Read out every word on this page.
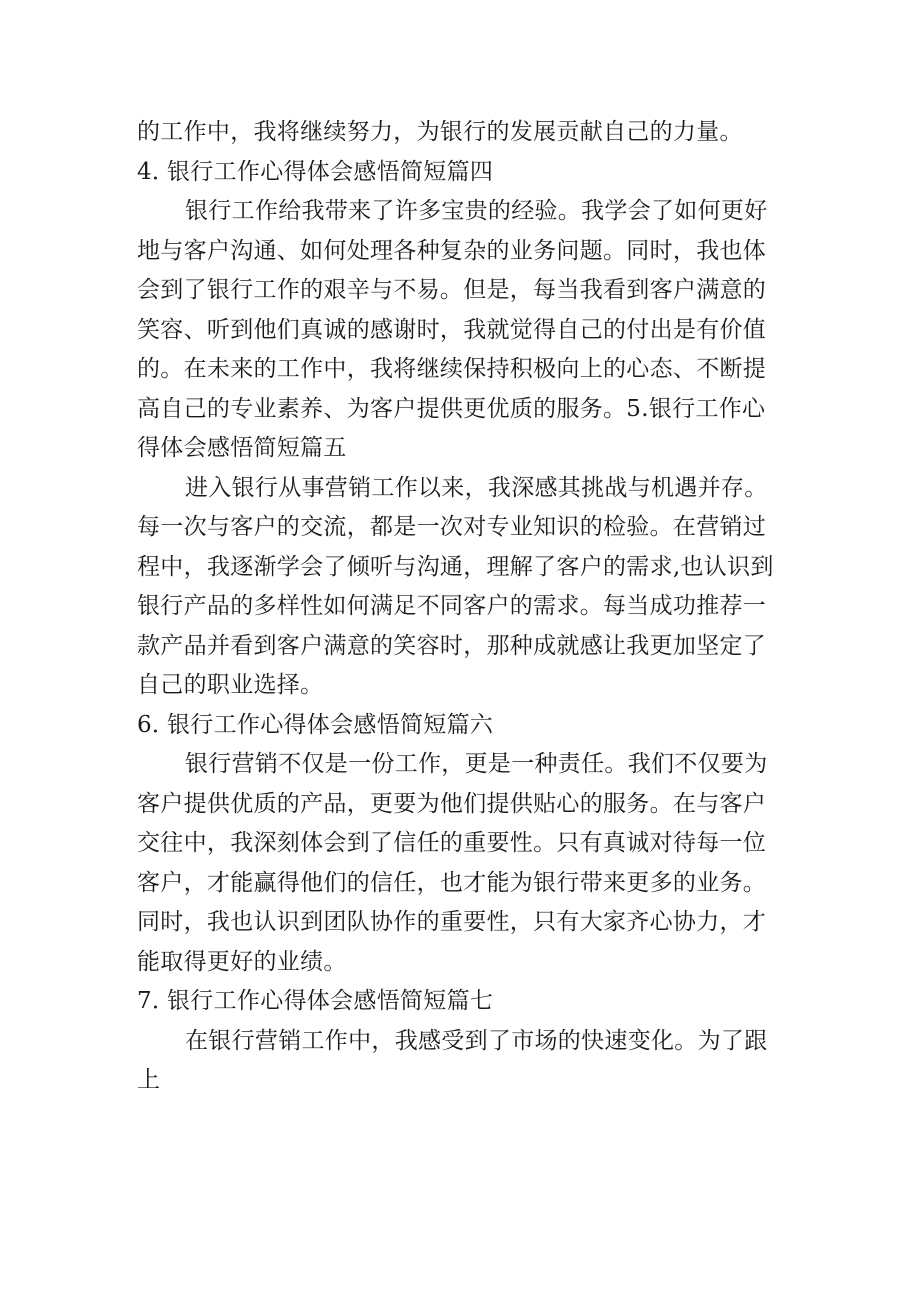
的工作中，我将继续努力，为银行的发展贡献自己的力量。

4．银行工作心得体会感悟简短篇四

银行工作给我带来了许多宝贵的经验。我学会了如何更好地与客户沟通、如何处理各种复杂的业务问题。同时，我也体会到了银行工作的艰辛与不易。但是，每当我看到客户满意的笑容、听到他们真诚的感谢时，我就觉得自己的付出是有价值的。在未来的工作中，我将继续保持积极向上的心态、不断提高自己的专业素养、为客户提供更优质的服务。5.银行工作心得体会感悟简短篇五

进入银行从事营销工作以来，我深感其挑战与机遇并存。每一次与客户的交流，都是一次对专业知识的检验。在营销过程中，我逐渐学会了倾听与沟通，理解了客户的需求,也认识到银行产品的多样性如何满足不同客户的需求。每当成功推荐一款产品并看到客户满意的笑容时，那种成就感让我更加坚定了自己的职业选择。

6．银行工作心得体会感悟简短篇六

银行营销不仅是一份工作，更是一种责任。我们不仅要为客户提供优质的产品，更要为他们提供贴心的服务。在与客户交往中，我深刻体会到了信任的重要性。只有真诚对待每一位客户，才能赢得他们的信任，也才能为银行带来更多的业务。同时，我也认识到团队协作的重要性，只有大家齐心协力，才能取得更好的业绩。

7．银行工作心得体会感悟简短篇七

在银行营销工作中，我感受到了市场的快速变化。为了跟上
